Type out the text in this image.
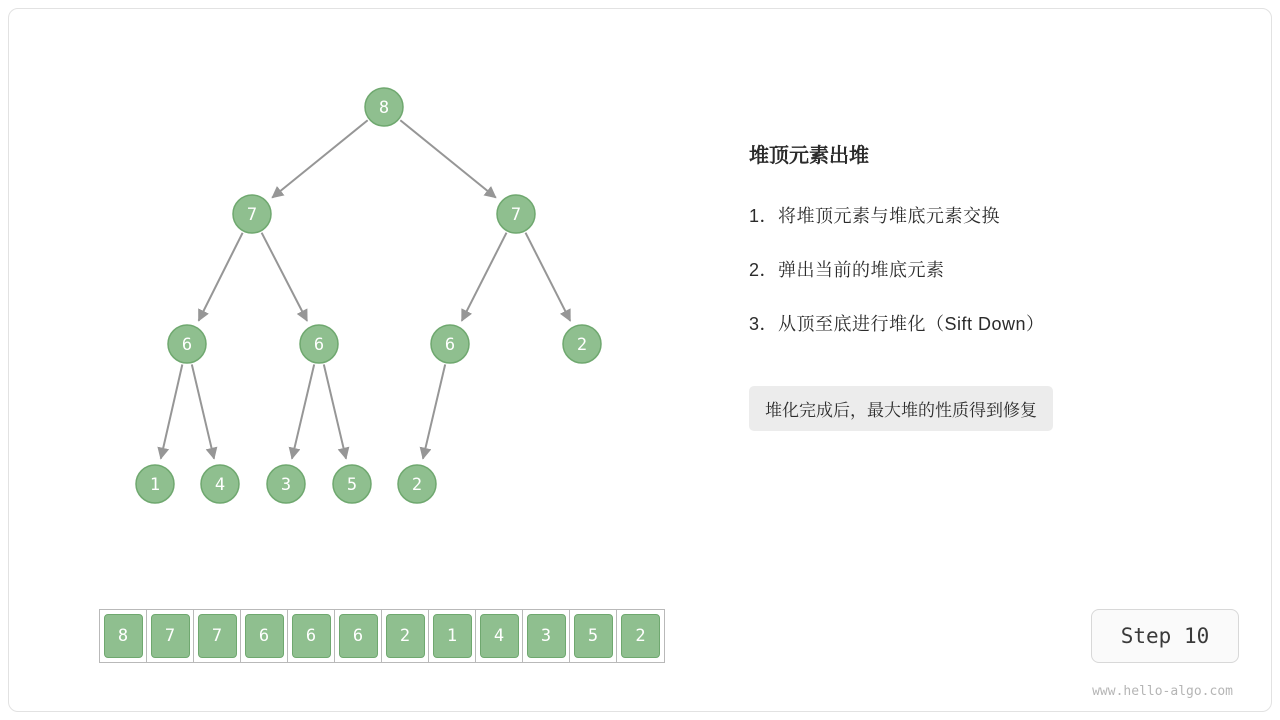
8
7	7
6	6	6	2
1	4	3	5	2
8	7	7	6	6	6	2	1	4	3	5	2
堆顶元素出堆
1．将堆顶元素与堆底元素交换
2．弹出当前的堆底元素
3．从顶至底进行堆化（Sift Down）
堆化完成后，最大堆的性质得到修复
Step 10
www.hello-algo.com
